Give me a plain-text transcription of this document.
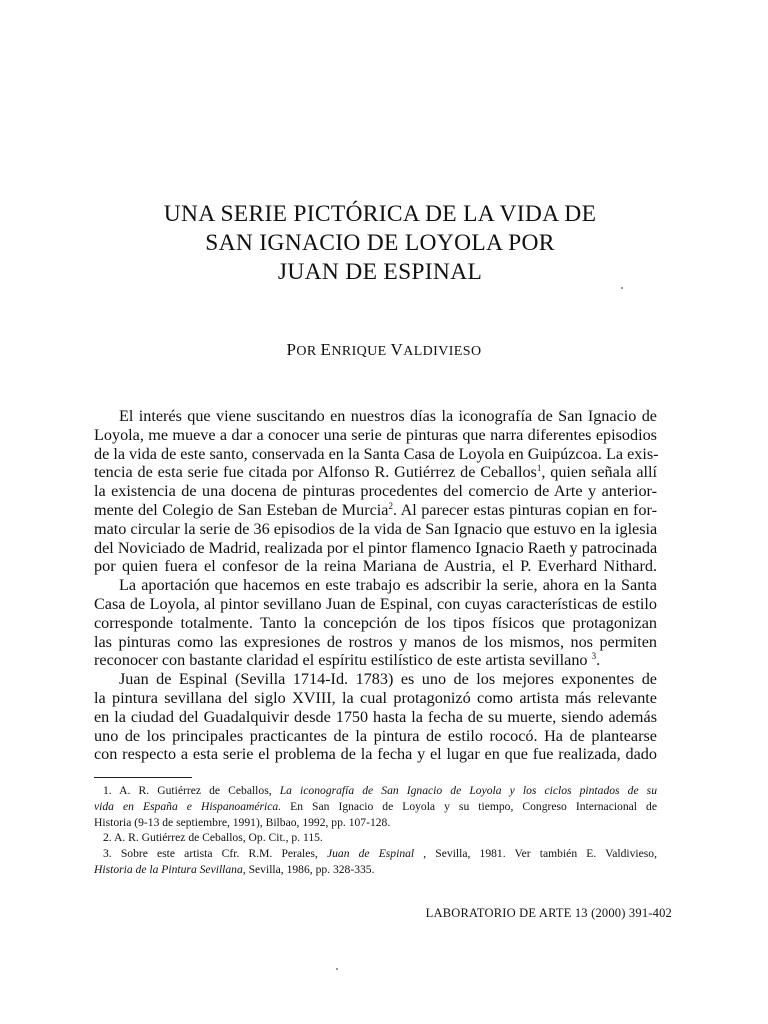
UNA SERIE PICTÓRICA DE LA VIDA DE
SAN IGNACIO DE LOYOLA POR
JUAN DE ESPINAL
POR ENRIQUE VALDIVIESO
El interés que viene suscitando en nuestros días la iconografía de San Ignacio de
Loyola, me mueve a dar a conocer una serie de pinturas que narra diferentes episodios
de la vida de este santo, conservada en la Santa Casa de Loyola en Guipúzcoa. La exis-
tencia de esta serie fue citada por Alfonso R. Gutiérrez de Ceballos$^1$, quien señala allí
la existencia de una docena de pinturas procedentes del comercio de Arte y anterior-
mente del Colegio de San Esteban de Murcia$^2$. Al parecer estas pinturas copian en for-
mato circular la serie de 36 episodios de la vida de San Ignacio que estuvo en la iglesia
del Noviciado de Madrid, realizada por el pintor flamenco Ignacio Raeth y patrocinada
por quien fuera el confesor de la reina Mariana de Austria, el P. Everhard Nithard.
La aportación que hacemos en este trabajo es adscribir la serie, ahora en la Santa
Casa de Loyola, al pintor sevillano Juan de Espinal, con cuyas características de estilo
corresponde totalmente. Tanto la concepción de los tipos físicos que protagonizan
las pinturas como las expresiones de rostros y manos de los mismos, nos permiten
reconocer con bastante claridad el espíritu estilístico de este artista sevillano $^3$.
Juan de Espinal (Sevilla 1714-Id. 1783) es uno de los mejores exponentes de
la pintura sevillana del siglo XVIII, la cual protagonizó como artista más relevante
en la ciudad del Guadalquivir desde 1750 hasta la fecha de su muerte, siendo además
uno de los principales practicantes de la pintura de estilo rococó. Ha de plantearse
con respecto a esta serie el problema de la fecha y el lugar en que fue realizada, dado
1. A. R. Gutiérrez de Ceballos, La iconografía de San Ignacio de Loyola y los ciclos pintados de su
vida en España e Hispanoamérica. En San Ignacio de Loyola y su tiempo, Congreso Internacional de
Historia (9-13 de septiembre, 1991), Bilbao, 1992, pp. 107-128.
2. A. R. Gutiérrez de Ceballos, Op. Cit., p. 115.
3. Sobre este artista Cfr. R.M. Perales, Juan de Espinal , Sevilla, 1981. Ver también E. Valdivieso,
Historia de la Pintura Sevillana, Sevilla, 1986, pp. 328-335.
LABORATORIO DE ARTE 13 (2000) 391-402
